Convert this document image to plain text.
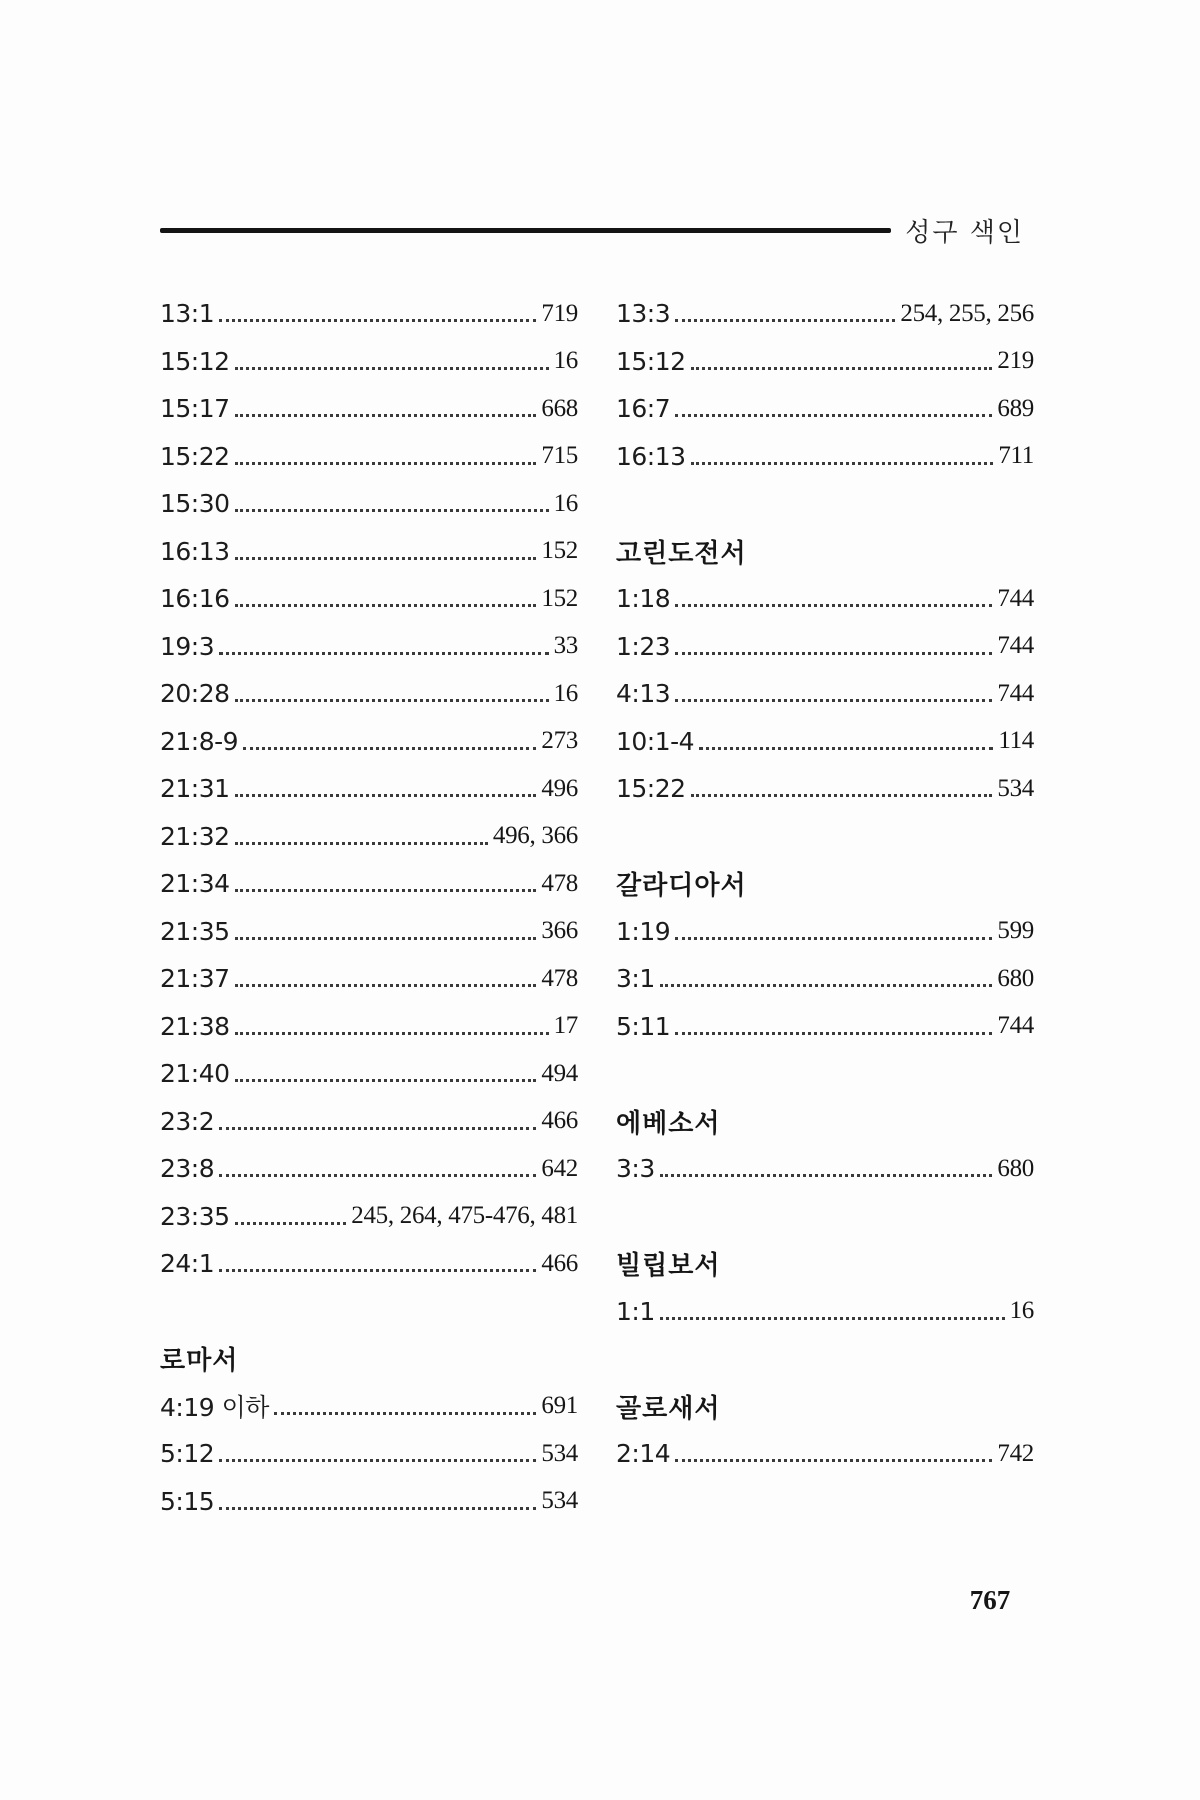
성구 색인
13:1	719
15:12	16
15:17	668
15:22	715
15:30	16
16:13	152
16:16	152
19:3	33
20:28	16
21:8-9	273
21:31	496
21:32	496, 366
21:34	478
21:35	366
21:37	478
21:38	17
21:40	494
23:2	466
23:8	642
23:35	245, 264, 475-476, 481
24:1	466
로마서
4:19 이하	691
5:12	534
5:15	534
13:3	254, 255, 256
15:12	219
16:7	689
16:13	711
고린도전서
1:18	744
1:23	744
4:13	744
10:1-4	114
15:22	534
갈라디아서
1:19	599
3:1	680
5:11	744
에베소서
3:3	680
빌립보서
1:1	16
골로새서
2:14	742
767
